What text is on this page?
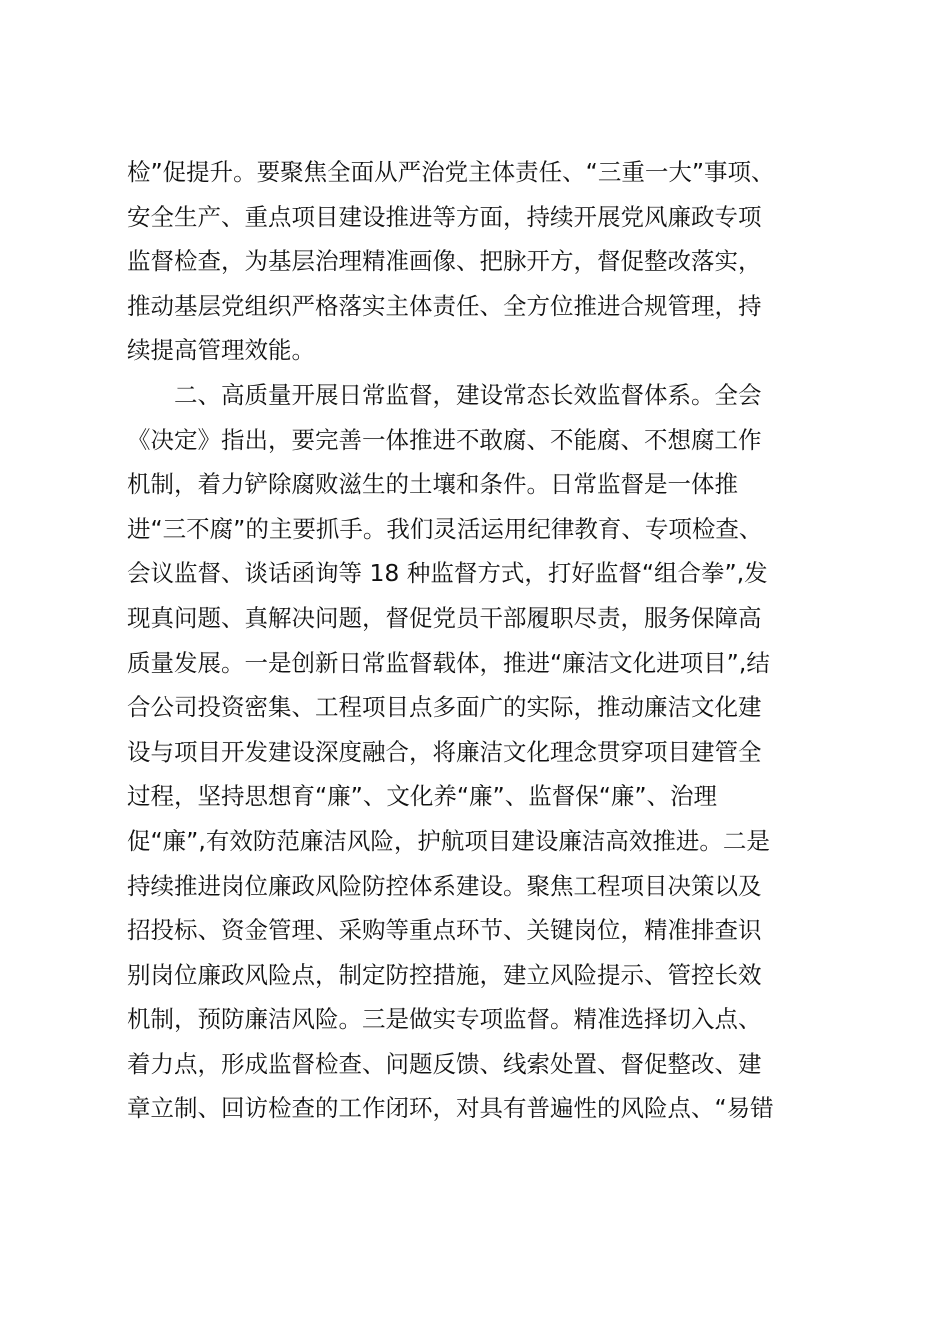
检”促提升。要聚焦全面从严治党主体责任、“三重一大”事项、
安全生产、重点项目建设推进等方面，持续开展党风廉政专项
监督检查，为基层治理精准画像、把脉开方，督促整改落实，
推动基层党组织严格落实主体责任、全方位推进合规管理，持
续提高管理效能。
二、高质量开展日常监督，建设常态长效监督体系。全会
《决定》指出，要完善一体推进不敢腐、不能腐、不想腐工作
机制，着力铲除腐败滋生的土壤和条件。日常监督是一体推
进“三不腐”的主要抓手。我们灵活运用纪律教育、专项检查、
会议监督、谈话函询等 18 种监督方式，打好监督“组合拳”,发
现真问题、真解决问题，督促党员干部履职尽责，服务保障高
质量发展。一是创新日常监督载体，推进“廉洁文化进项目”,结
合公司投资密集、工程项目点多面广的实际，推动廉洁文化建
设与项目开发建设深度融合，将廉洁文化理念贯穿项目建管全
过程，坚持思想育“廉”、文化养“廉”、监督保“廉”、治理
促“廉”,有效防范廉洁风险，护航项目建设廉洁高效推进。二是
持续推进岗位廉政风险防控体系建设。聚焦工程项目决策以及
招投标、资金管理、采购等重点环节、关键岗位，精准排查识
别岗位廉政风险点，制定防控措施，建立风险提示、管控长效
机制，预防廉洁风险。三是做实专项监督。精准选择切入点、
着力点，形成监督检查、问题反馈、线索处置、督促整改、建
章立制、回访检查的工作闭环，对具有普遍性的风险点、“易错
